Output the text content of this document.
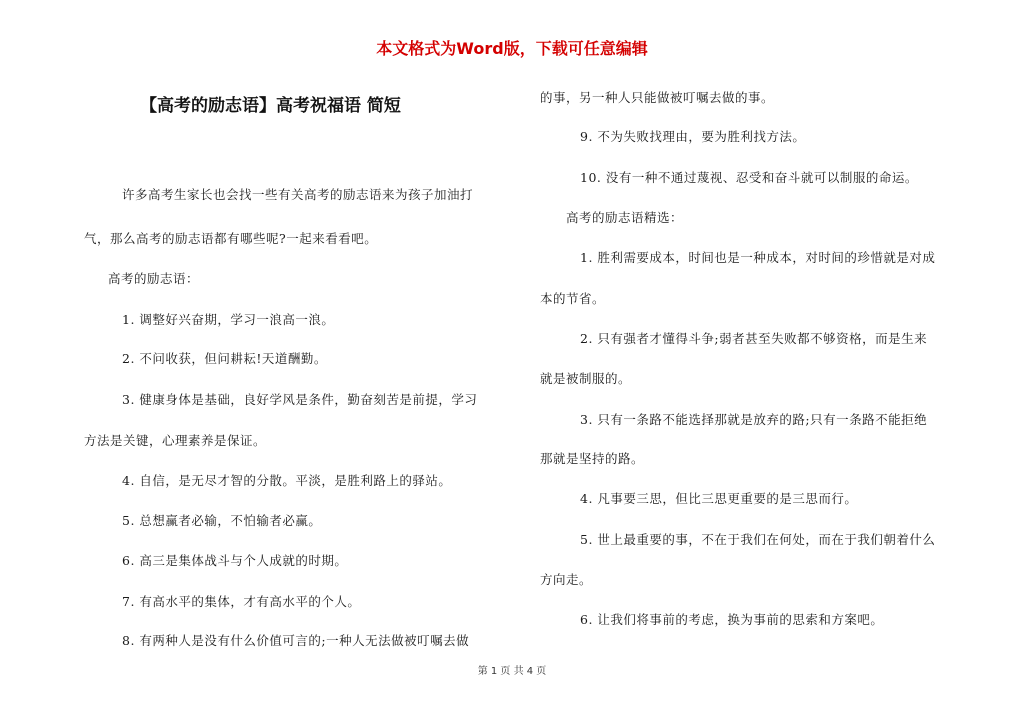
本文格式为Word版，下载可任意编辑
【高考的励志语】高考祝福语 简短
许多高考生家长也会找一些有关高考的励志语来为孩子加油打
气，那么高考的励志语都有哪些呢?一起来看看吧。
高考的励志语：
1. 调整好兴奋期，学习一浪高一浪。
2. 不问收获，但问耕耘!天道酬勤。
3. 健康身体是基础，良好学风是条件，勤奋刻苦是前提，学习
方法是关键，心理素养是保证。
4. 自信，是无尽才智的分散。平淡，是胜利路上的驿站。
5. 总想赢者必输，不怕输者必赢。
6. 高三是集体战斗与个人成就的时期。
7. 有高水平的集体，才有高水平的个人。
8. 有两种人是没有什么价值可言的;一种人无法做被叮嘱去做
的事，另一种人只能做被叮嘱去做的事。
9. 不为失败找理由，要为胜利找方法。
10. 没有一种不通过蔑视、忍受和奋斗就可以制服的命运。
高考的励志语精选：
1. 胜利需要成本，时间也是一种成本，对时间的珍惜就是对成
本的节省。
2. 只有强者才懂得斗争;弱者甚至失败都不够资格，而是生来
就是被制服的。
3. 只有一条路不能选择那就是放弃的路;只有一条路不能拒绝
那就是坚持的路。
4. 凡事要三思，但比三思更重要的是三思而行。
5. 世上最重要的事，不在于我们在何处，而在于我们朝着什么
方向走。
6. 让我们将事前的考虑，换为事前的思索和方案吧。
第 1 页 共 4 页
